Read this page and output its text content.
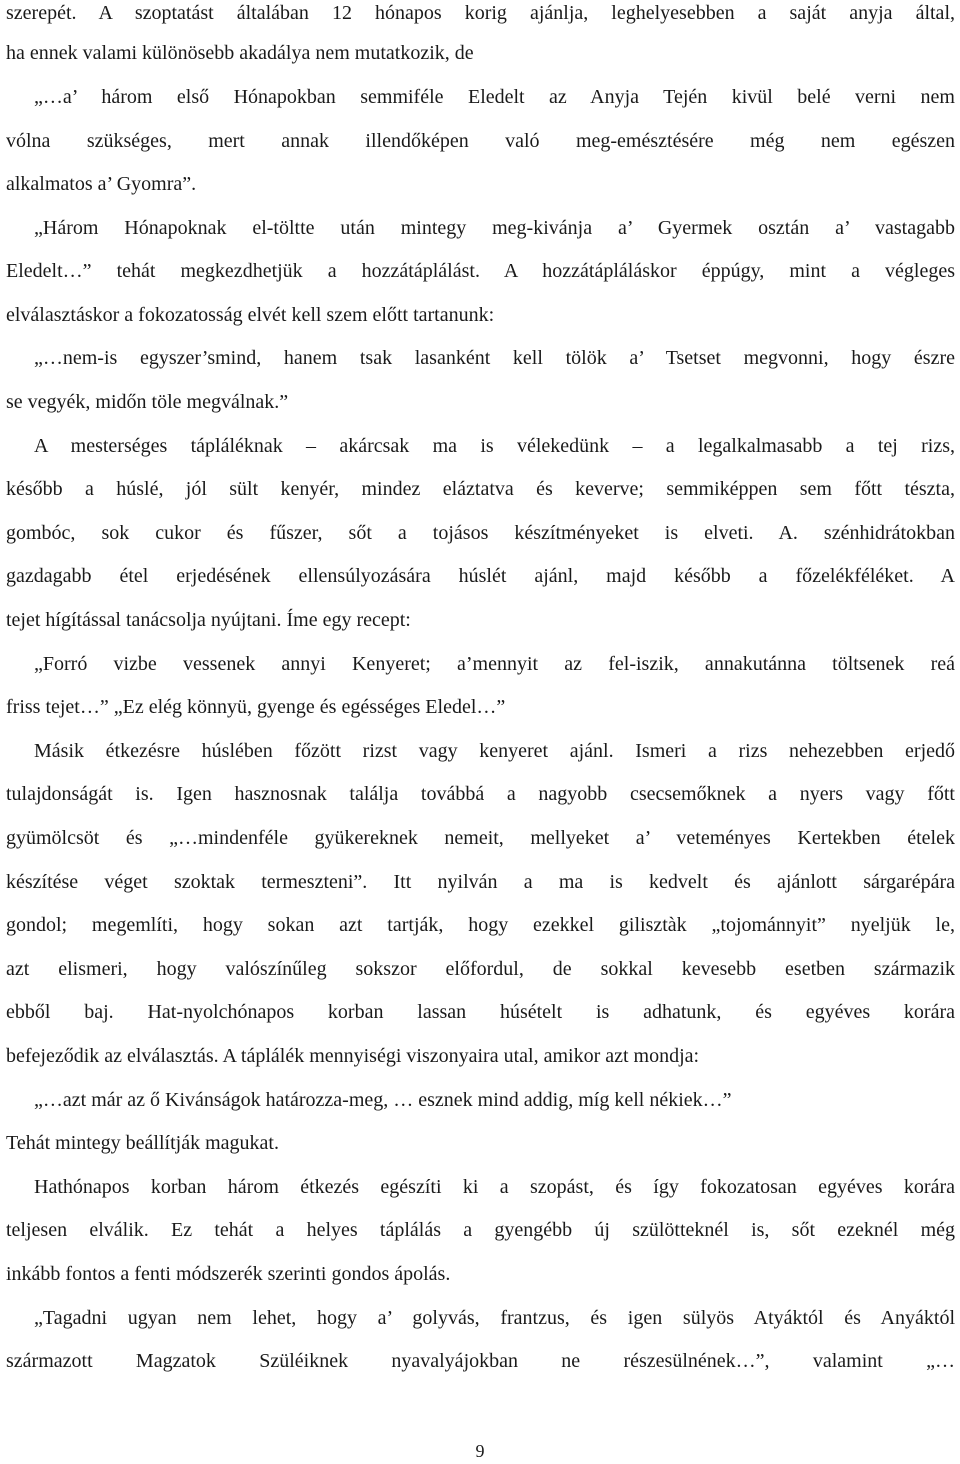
szerepét. A szoptatást általában 12 hónapos korig ajánlja, leghelyesebben a saját anyja által,
ha ennek valami különösebb akadálya nem mutatkozik, de
„…a’ három első Hónapokban semmiféle Eledelt az Anyja Tején kivül belé verni nem
vólna szükséges, mert annak illendőképen való meg-emésztésére még nem egészen
alkalmatos a’ Gyomra”.
„Három Hónapoknak el-töltte után mintegy meg-kivánja a’ Gyermek osztán a’ vastagabb
Eledelt…” tehát megkezdhetjük a hozzátáplálást. A hozzátápláláskor éppúgy, mint a végleges
elválasztáskor a fokozatosság elvét kell szem előtt tartanunk:
„…nem-is egyszer’smind, hanem tsak lasanként kell tölök a’ Tsetset megvonni, hogy észre
se vegyék, midőn töle megválnak.”
A mesterséges tápláléknak – akárcsak ma is vélekedünk – a legalkalmasabb a tej rizs,
később a húslé, jól sült kenyér, mindez eláztatva és keverve; semmiképpen sem főtt tészta,
gombóc, sok cukor és fűszer, sőt a tojásos készítményeket is elveti. A. szénhidrátokban
gazdagabb étel erjedésének ellensúlyozására húslét ajánl, majd később a főzelékféléket. A
tejet hígítással tanácsolja nyújtani. Íme egy recept:
„Forró vizbe vessenek annyi Kenyeret; a’mennyit az fel-iszik, annakutánna töltsenek reá
friss tejet…” „Ez elég könnyü, gyenge és egésséges Eledel…”
Másik étkezésre húslében főzött rizst vagy kenyeret ajánl. Ismeri a rizs nehezebben erjedő
tulajdonságát is. Igen hasznosnak találja továbbá a nagyobb csecsemőknek a nyers vagy főtt
gyümölcsöt és „…mindenféle gyükereknek nemeit, mellyeket a’ veteményes Kertekben ételek
készítése véget szoktak termeszteni”. Itt nyilván a ma is kedvelt és ajánlott sárgarépára
gondol; megemlíti, hogy sokan azt tartják, hogy ezekkel gilisztàk „tojománnyit” nyeljük le,
azt elismeri, hogy valószínűleg sokszor előfordul, de sokkal kevesebb esetben származik
ebből baj. Hat-nyolchónapos korban lassan húsételt is adhatunk, és egyéves korára
befejeződik az elválasztás. A táplálék mennyiségi viszonyaira utal, amikor azt mondja:
„…azt már az ő Kivánságok határozza-meg, … esznek mind addig, míg kell nékiek…”
Tehát mintegy beállítják magukat.
Hathónapos korban három étkezés egészíti ki a szopást, és így fokozatosan egyéves korára
teljesen elválik. Ez tehát a helyes táplálás a gyengébb új szülötteknél is, sőt ezeknél még
inkább fontos a fenti módszerék szerinti gondos ápolás.
„Tagadni ugyan nem lehet, hogy a’ golyvás, frantzus, és igen sülyös Atyáktól és Anyáktól
származott Magzatok Szüléiknek nyavalyájokban ne részesülnének…”, valamint „…
9
